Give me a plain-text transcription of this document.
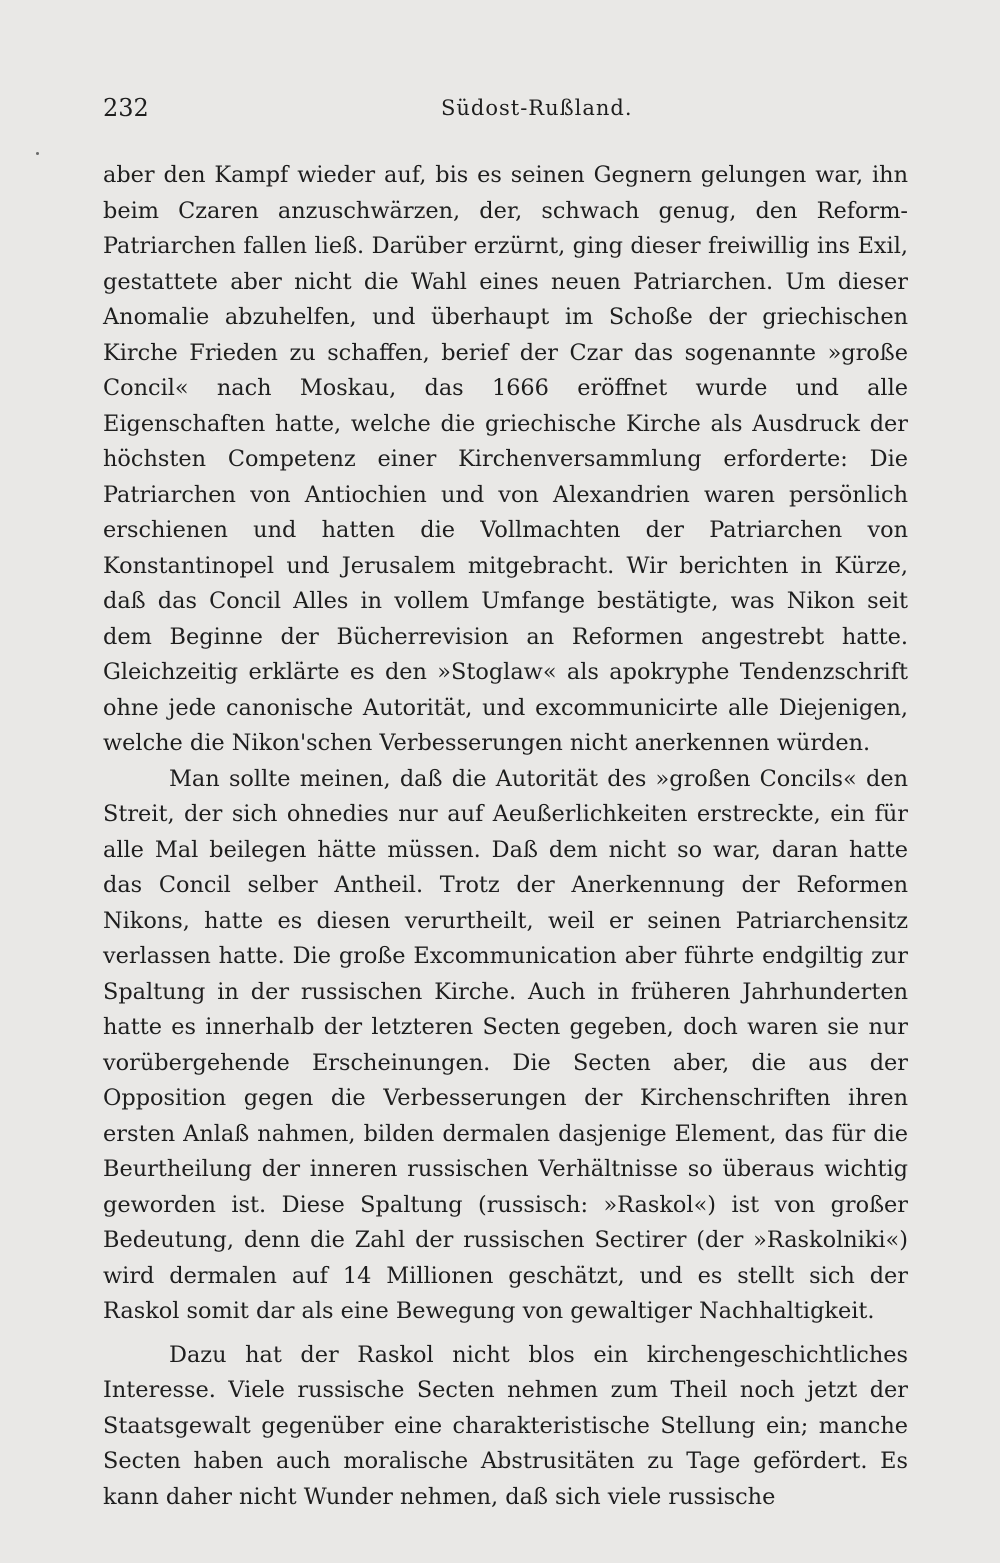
232	Südost-Rußland.

aber den Kampf wieder auf, bis es seinen Gegnern gelungen war, ihn beim Czaren anzuschwärzen, der, schwach genug, den Reform-Patriarchen fallen ließ. Darüber erzürnt, ging dieser freiwillig ins Exil, gestattete aber nicht die Wahl eines neuen Patriarchen. Um dieser Anomalie abzuhelfen, und überhaupt im Schoße der griechischen Kirche Frieden zu schaffen, berief der Czar das sogenannte »große Concil« nach Moskau, das 1666 eröffnet wurde und alle Eigenschaften hatte, welche die griechische Kirche als Ausdruck der höchsten Competenz einer Kirchenversammlung erforderte: Die Patriarchen von Antiochien und von Alexandrien waren persönlich erschienen und hatten die Vollmachten der Patriarchen von Konstantinopel und Jerusalem mitgebracht. Wir berichten in Kürze, daß das Concil Alles in vollem Umfange bestätigte, was Nikon seit dem Beginne der Bücherrevision an Reformen angestrebt hatte. Gleichzeitig erklärte es den »Stoglaw« als apokryphe Tendenzschrift ohne jede canonische Autorität, und excommunicirte alle Diejenigen, welche die Nikon'schen Verbesserungen nicht anerkennen würden.

Man sollte meinen, daß die Autorität des »großen Concils« den Streit, der sich ohnedies nur auf Aeußerlichkeiten erstreckte, ein für alle Mal beilegen hätte müssen. Daß dem nicht so war, daran hatte das Concil selber Antheil. Trotz der Anerkennung der Reformen Nikons, hatte es diesen verurtheilt, weil er seinen Patriarchensitz verlassen hatte. Die große Excommunication aber führte endgiltig zur Spaltung in der russischen Kirche. Auch in früheren Jahrhunderten hatte es innerhalb der letzteren Secten gegeben, doch waren sie nur vorübergehende Erscheinungen. Die Secten aber, die aus der Opposition gegen die Verbesserungen der Kirchenschriften ihren ersten Anlaß nahmen, bilden dermalen dasjenige Element, das für die Beurtheilung der inneren russischen Verhältnisse so überaus wichtig geworden ist. Diese Spaltung (russisch: »Raskol«) ist von großer Bedeutung, denn die Zahl der russischen Sectirer (der »Raskolniki«) wird dermalen auf 14 Millionen geschätzt, und es stellt sich der Raskol somit dar als eine Bewegung von gewaltiger Nachhaltigkeit.

Dazu hat der Raskol nicht blos ein kirchengeschichtliches Interesse. Viele russische Secten nehmen zum Theil noch jetzt der Staatsgewalt gegenüber eine charakteristische Stellung ein; manche Secten haben auch moralische Abstrusitäten zu Tage gefördert. Es kann daher nicht Wunder nehmen, daß sich viele russische
